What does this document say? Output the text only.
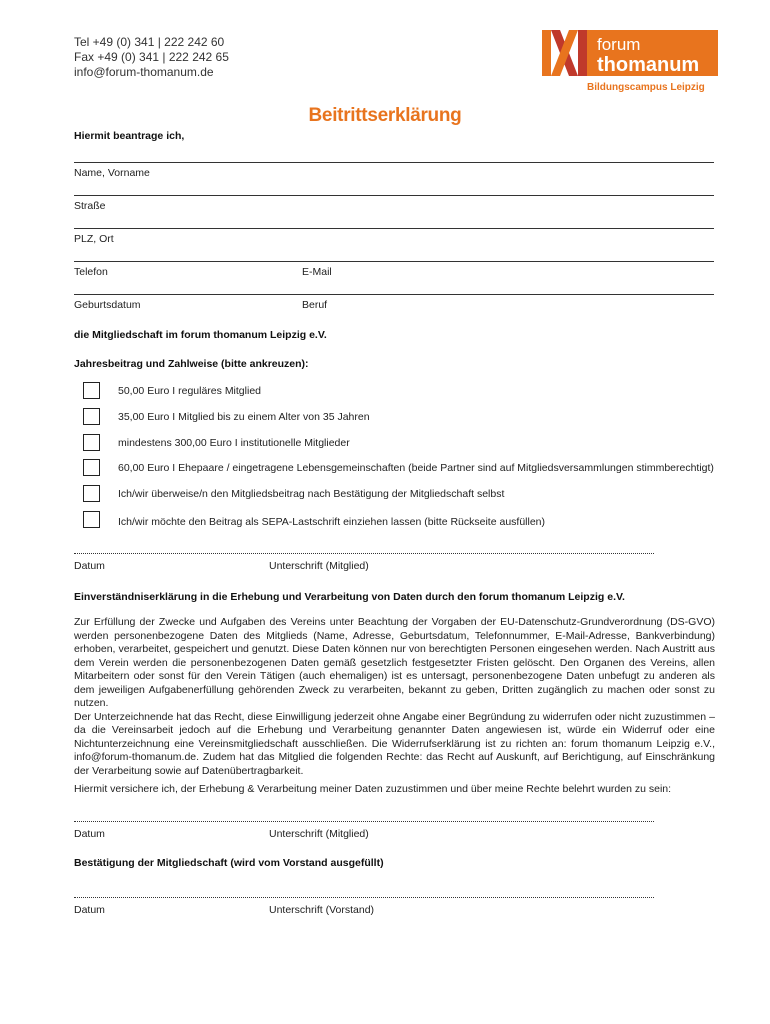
Tel +49 (0) 341 | 222 242 60
Fax +49 (0) 341 | 222 242 65
info@forum-thomanum.de
forum
thomanum
Bildungscampus Leipzig
Beitrittserklärung
Hiermit beantrage ich,
Name, Vorname
Straße
PLZ, Ort
Telefon	E-Mail
Geburtsdatum	Beruf
die Mitgliedschaft im forum thomanum Leipzig e.V.
Jahresbeitrag und Zahlweise (bitte ankreuzen):
50,00 Euro I reguläres Mitglied
35,00 Euro I Mitglied bis zu einem Alter von 35 Jahren
mindestens 300,00 Euro I institutionelle Mitglieder
60,00 Euro I Ehepaare / eingetragene Lebensgemeinschaften (beide Partner sind auf Mitgliedsversammlungen stimmberechtigt)
Ich/wir überweise/n den Mitgliedsbeitrag nach Bestätigung der Mitgliedschaft selbst
Ich/wir möchte den Beitrag als SEPA-Lastschrift einziehen lassen (bitte Rückseite ausfüllen)
Datum	Unterschrift (Mitglied)
Einverständniserklärung in die Erhebung und Verarbeitung von Daten durch den forum thomanum Leipzig e.V.

Zur Erfüllung der Zwecke und Aufgaben des Vereins unter Beachtung der Vorgaben der EU-Datenschutz-Grundverordnung (DS-GVO) werden personenbezogene Daten des Mitglieds (Name, Adresse, Geburtsdatum, Telefonnummer, E-Mail-Adresse, Bankverbindung) erhoben, verarbeitet, gespeichert und genutzt. Diese Daten können nur von berechtigten Personen eingesehen werden. Nach Austritt aus dem Verein werden die personenbezogenen Daten gemäß gesetzlich festgesetzter Fristen gelöscht. Den Organen des Vereins, allen Mitarbeitern oder sonst für den Verein Tätigen (auch ehemaligen) ist es untersagt, personenbezogene Daten unbefugt zu anderen als dem jeweiligen Aufgabenerfüllung gehörenden Zweck zu verarbeiten, bekannt zu geben, Dritten zugänglich zu machen oder sonst zu nutzen.

Der Unterzeichnende hat das Recht, diese Einwilligung jederzeit ohne Angabe einer Begründung zu widerrufen oder nicht zuzustimmen – da die Vereinsarbeit jedoch auf die Erhebung und Verarbeitung genannter Daten angewiesen ist, würde ein Widerruf oder eine Nichtunterzeichnung eine Vereinsmitgliedschaft ausschließen. Die Widerrufserklärung ist zu richten an: forum thomanum Leipzig e.V., info@forum-thomanum.de. Zudem hat das Mitglied die folgenden Rechte: das Recht auf Auskunft, auf Berichtigung, auf Einschränkung der Verarbeitung sowie auf Datenübertragbarkeit.

Hiermit versichere ich, der Erhebung & Verarbeitung meiner Daten zuzustimmen und über meine Rechte belehrt wurden zu sein:
Datum	Unterschrift (Mitglied)
Bestätigung der Mitgliedschaft (wird vom Vorstand ausgefüllt)
Datum	Unterschrift (Vorstand)
